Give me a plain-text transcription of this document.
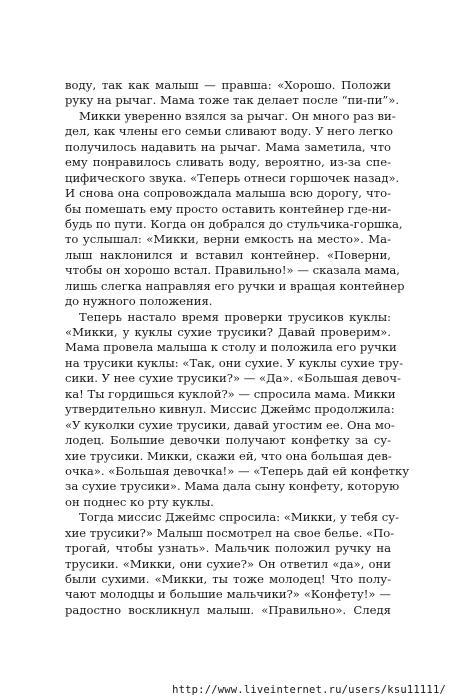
воду, так как малыш — правша: «Хорошо. Положи
руку на рычаг. Мама тоже так делает после “пи-пи”».
Микки уверенно взялся за рычаг. Он много раз ви-
дел, как члены его семьи сливают воду. У него легко
получилось надавить на рычаг. Мама заметила, что
ему понравилось сливать воду, вероятно, из-за спе-
цифического звука. «Теперь отнеси горшочек назад».
И снова она сопровождала малыша всю дорогу, что-
бы помешать ему просто оставить контейнер где-ни-
будь по пути. Когда он добрался до стульчика-горшка,
то услышал: «Микки, верни емкость на место». Ма-
лыш наклонился и вставил контейнер. «Поверни,
чтобы он хорошо встал. Правильно!» — сказала мама,
лишь слегка направляя его ручки и вращая контейнер
до нужного положения.
Теперь настало время проверки трусиков куклы:
«Микки, у куклы сухие трусики? Давай проверим».
Мама провела малыша к столу и положила его ручки
на трусики куклы: «Так, они сухие. У куклы сухие тру-
сики. У нее сухие трусики?» — «Да». «Большая девоч-
ка! Ты гордишься куклой?» — спросила мама. Микки
утвердительно кивнул. Миссис Джеймс продолжила:
«У куколки сухие трусики, давай угостим ее. Она мо-
лодец. Большие девочки получают конфетку за су-
хие трусики. Микки, скажи ей, что она большая дев-
очка». «Большая девочка!» — «Теперь дай ей конфетку
за сухие трусики». Мама дала сыну конфету, которую
он поднес ко рту куклы.
Тогда миссис Джеймс спросила: «Микки, у тебя су-
хие трусики?» Малыш посмотрел на свое белье. «По-
трогай, чтобы узнать». Мальчик положил ручку на
трусики. «Микки, они сухие?» Он ответил «да», они
были сухими. «Микки, ты тоже молодец! Что полу-
чают молодцы и большие мальчики?» «Конфету!» —
радостно воскликнул малыш. «Правильно». Следя
http://www.liveinternet.ru/users/ksu11111/
